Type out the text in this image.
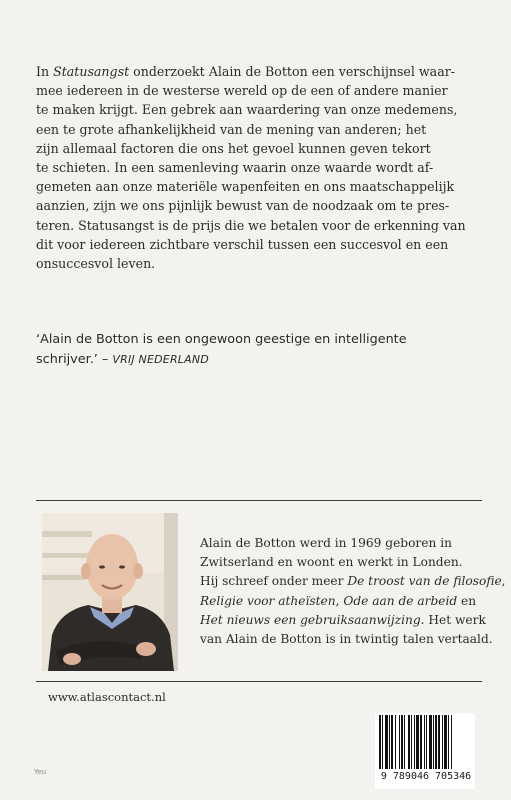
In Statusangst onderzoekt Alain de Botton een verschijnsel waar-
mee iedereen in de westerse wereld op de een of andere manier
te maken krijgt. Een gebrek aan waardering van onze medemens,
een te grote afhankelijkheid van de mening van anderen; het
zijn allemaal factoren die ons het gevoel kunnen geven tekort
te schieten. In een samenleving waarin onze waarde wordt af-
gemeten aan onze materiële wapenfeiten en ons maatschappelijk
aanzien, zijn we ons pijnlijk bewust van de noodzaak om te pres-
teren. Statusangst is de prijs die we betalen voor de erkenning van
dit voor iedereen zichtbare verschil tussen een succesvol en een
onsuccesvol leven.
‘Alain de Botton is een ongewoon geestige en intelligente
schrijver.’ – VRIJ NEDERLAND
Alain de Botton werd in 1969 geboren in
Zwitserland en woont en werkt in Londen.
Hij schreef onder meer De troost van de filosofie,
Religie voor atheïsten, Ode aan de arbeid en
Het nieuws een gebruiksaanwijzing. Het werk
van Alain de Botton is in twintig talen vertaald.
www.atlascontact.nl
9 789046 705346
Yeu
